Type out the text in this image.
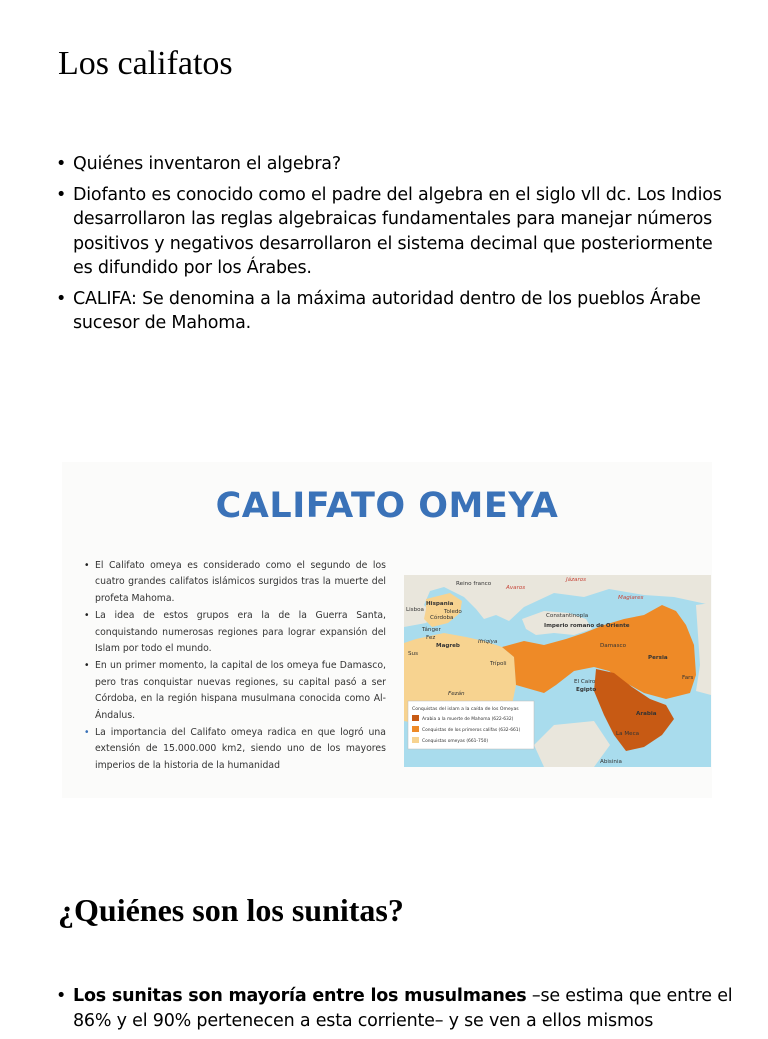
Los califatos
• Quiénes inventaron el algebra?
• Diofanto es conocido como el padre del algebra en el siglo vll dc. Los Indios desarrollaron las reglas algebraicas fundamentales para manejar números positivos y negativos desarrollaron el sistema decimal que posteriormente es difundido por los Árabes.
• CALIFA: Se denomina a la máxima autoridad dentro de los pueblos Árabe sucesor de Mahoma.
CALIFATO OMEYA
• El Califato omeya es considerado como el segundo de los cuatro grandes califatos islámicos surgidos tras la muerte del profeta Mahoma.
• La idea de estos grupos era la de la Guerra Santa, conquistando numerosas regiones para lograr expansión del Islam por todo el mundo.
• En un primer momento, la capital de los omeya fue Damasco, pero tras conquistar nuevas regiones, su capital pasó a ser Córdoba, en la región hispana musulmana conocida como Al-Ándalus.
• La importancia del Califato omeya radica en que logró una extensión de 15.000.000 km2, siendo uno de los mayores imperios de la historia de la humanidad
Reino franco
Avaros
Jázaros
Magiares
Hispania
Lisboa
Córdoba
Toledo
Tánger
Fez
Sus
Magreb
Ifriqiya
Trípoli
Constantinopla
Imperio romano de Oriente
Damasco
Persia
El Cairo
Egipto
Fars
Arabia
La Meca
Fezán
Abisinia
Conquistas del islam a la caída de los Omeyas
Arabia a la muerte de Mahoma (622-632)
Conquistas de los primeros califas (632-661)
Conquistas omeyas (661-750)
¿Quiénes son los sunitas?
• Los sunitas son mayoría entre los musulmanes –se estima que entre el 86% y el 90% pertenecen a esta corriente– y se ven a ellos mismos
